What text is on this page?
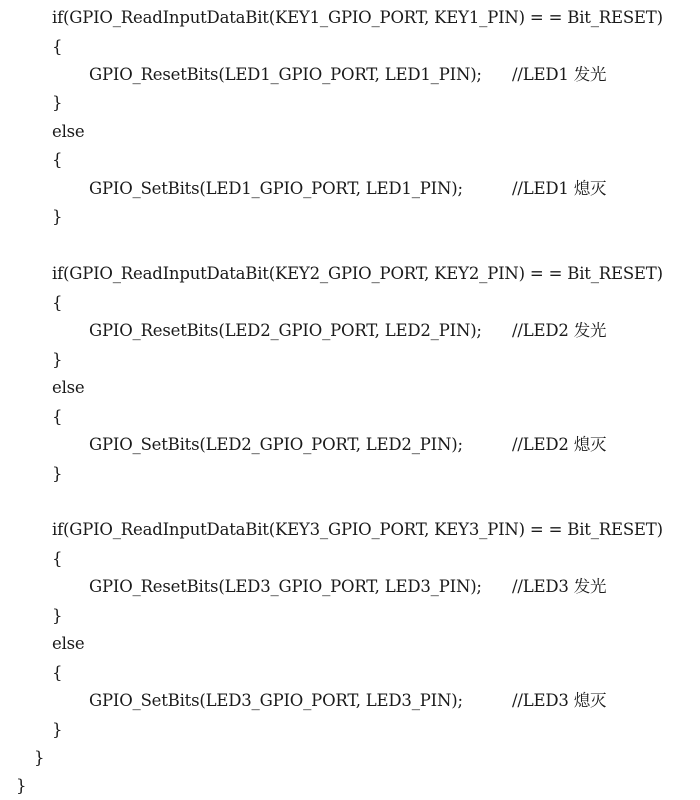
if(GPIO_ReadInputDataBit(KEY1_GPIO_PORT, KEY1_PIN) = = Bit_RESET)
{
GPIO_ResetBits(LED1_GPIO_PORT, LED1_PIN); //LED1 发光
}
else
{
GPIO_SetBits(LED1_GPIO_PORT, LED1_PIN);	//LED1 熄灭
}
if(GPIO_ReadInputDataBit(KEY2_GPIO_PORT, KEY2_PIN) = = Bit_RESET)
{
GPIO_ResetBits(LED2_GPIO_PORT, LED2_PIN); //LED2 发光
}
else
{
GPIO_SetBits(LED2_GPIO_PORT, LED2_PIN);	//LED2 熄灭
}
if(GPIO_ReadInputDataBit(KEY3_GPIO_PORT, KEY3_PIN) = = Bit_RESET)
{
GPIO_ResetBits(LED3_GPIO_PORT, LED3_PIN); //LED3 发光
}
else
{
GPIO_SetBits(LED3_GPIO_PORT, LED3_PIN);	//LED3 熄灭
}
}
}
